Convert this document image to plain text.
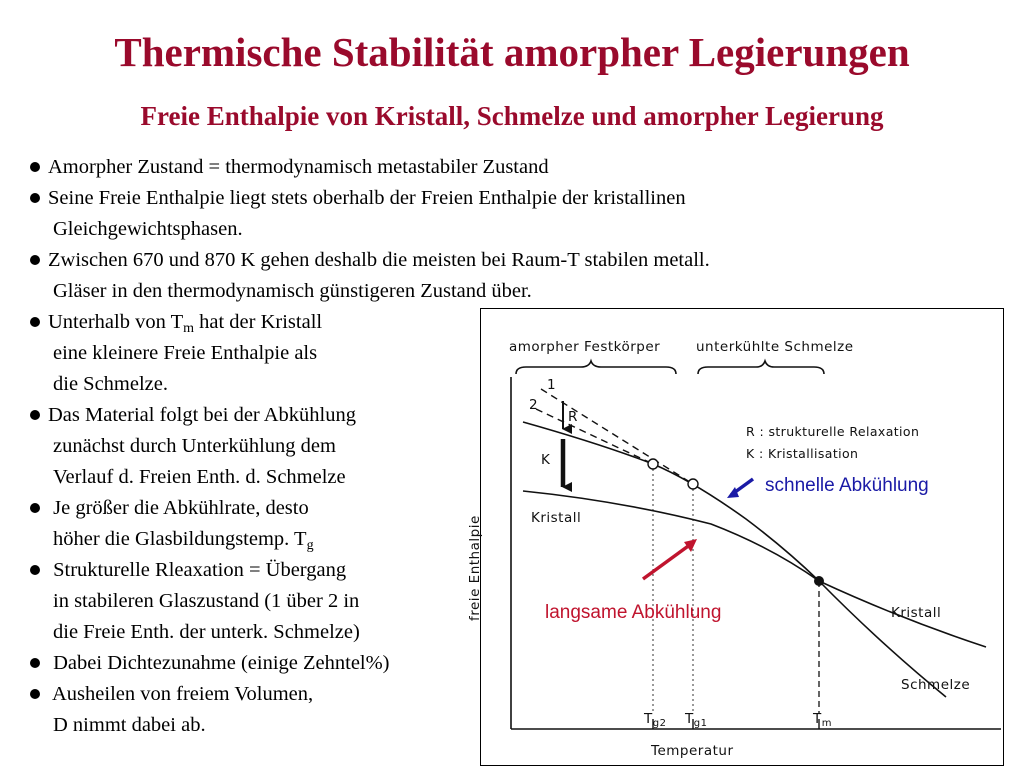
Thermische Stabilität amorpher Legierungen
Freie Enthalpie von Kristall, Schmelze und amorpher Legierung
Amorpher Zustand = thermodynamisch metastabiler Zustand
Seine Freie Enthalpie liegt stets oberhalb der Freien Enthalpie der kristallinen
Gleichgewichtsphasen.
Zwischen 670 und 870 K gehen deshalb die meisten bei Raum-T stabilen metall.
Gläser in den thermodynamisch günstigeren Zustand über.
Unterhalb von $T_m$ hat der Kristall
eine kleinere Freie Enthalpie als
die Schmelze.
Das Material folgt bei der Abkühlung
zunächst durch Unterkühlung dem
Verlauf d. Freien Enth. d. Schmelze
Je größer die Abkühlrate, desto
höher die Glasbildungstemp. $T_g$
Strukturelle Rleaxation = Übergang
in stabileren Glaszustand (1 über 2 in
die Freie Enth. der unterk. Schmelze)
Dabei Dichtezunahme (einige Zehntel%)
Ausheilen von freiem Volumen,
D nimmt dabei ab.
amorpher Festkörper	unterkühlte Schmelze
freie Enthalpie
Temperatur
$T_{g2}$ $T_{g1}$	$T_m$
1
2
R
K
R : strukturelle Relaxation
K : Kristallisation
Kristall
Kristall
Schmelze
schnelle Abkühlung
langsame Abkühlung
